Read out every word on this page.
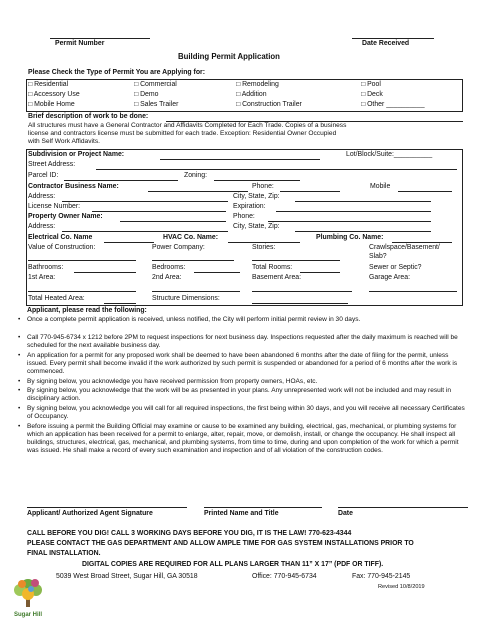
Permit Number	Date Received
Building Permit Application
Please Check the Type of Permit You are Applying for:
□ Residential	□ Commercial	□ Remodeling	□ Pool
□ Accessory Use	□ Demo	□ Addition	□ Deck
□ Mobile Home	□ Sales Trailer	□ Construction Trailer	□ Other __________
Brief description of work to be done:
All structures must have a General Contractor and Affidavits Completed for Each Trade. Copies of a business
license and contractors license must be submitted for each trade. Exception: Residential Owner Occupied
with Self Work Affidavits.
Subdivision or Project Name:	Lot/Block/Suite:__________
Street Address:
Parcel ID:	Zoning:
Contractor Business Name:	Phone:	Mobile
Address:	City, State, Zip:
License Number:	Expiration:
Property Owner Name:	Phone:
Address:	City, State, Zip:
Electrical Co. Name	HVAC Co. Name:	Plumbing Co. Name:
Value of Construction:	Power Company:	Stories:	Crawlspace/Basement/
Slab?
Bathrooms:	Bedrooms:	Total Rooms:	Sewer or Septic?
1st Area:	2nd Area:	Basement Area:	Garage Area:
Total Heated Area:	Structure Dimensions:
Applicant, please read the following:
• Once a complete permit application is received, unless notified, the City will perform initial permit review in 30 days.
• Call 770-945-6734 x 1212 before 2PM to request inspections for next business day. Inspections requested after the daily maximum is reached will be scheduled for the next available business day.
• An application for a permit for any proposed work shall be deemed to have been abandoned 6 months after the date of filing for the permit, unless issued. Every permit shall become invalid if the work authorized by such permit is suspended or abandoned for a period of 6 months after the work is commenced.
• By signing below, you acknowledge you have received permission from property owners, HOAs, etc.
• By signing below, you acknowledge that the work will be as presented in your plans. Any unrepresented work will not be included and may result in disciplinary action.
• By signing below, you acknowledge you will call for all required inspections, the first being within 30 days, and you will receive all necessary Certificates of Occupancy.
• Before issuing a permit the Building Official may examine or cause to be examined any building, electrical, gas, mechanical, or plumbing systems for which an application has been received for a permit to enlarge, alter, repair, move, or demolish, install, or change the occupancy. He shall inspect all buildings, structures, electrical, gas, mechanical, and plumbing systems, from time to time, during and upon completion of the work for which a permit was issued. He shall make a record of every such examination and inspection and of all violation of the construction codes.
Applicant/ Authorized Agent Signature	Printed Name and Title	Date
CALL BEFORE YOU DIG! CALL 3 WORKING DAYS BEFORE YOU DIG, IT IS THE LAW! 770-623-4344
PLEASE CONTACT THE GAS DEPARTMENT AND ALLOW AMPLE TIME FOR GAS SYSTEM INSTALLATIONS PRIOR TO
FINAL INSTALLATION.
DIGITAL COPIES ARE REQUIRED FOR ALL PLANS LARGER THAN 11” X 17” (PDF OR TIFF).
Sugar Hill
5039 West Broad Street, Sugar Hill, GA 30518	Office: 770-945-6734	Fax: 770-945-2145
Revised 10/8/2019
